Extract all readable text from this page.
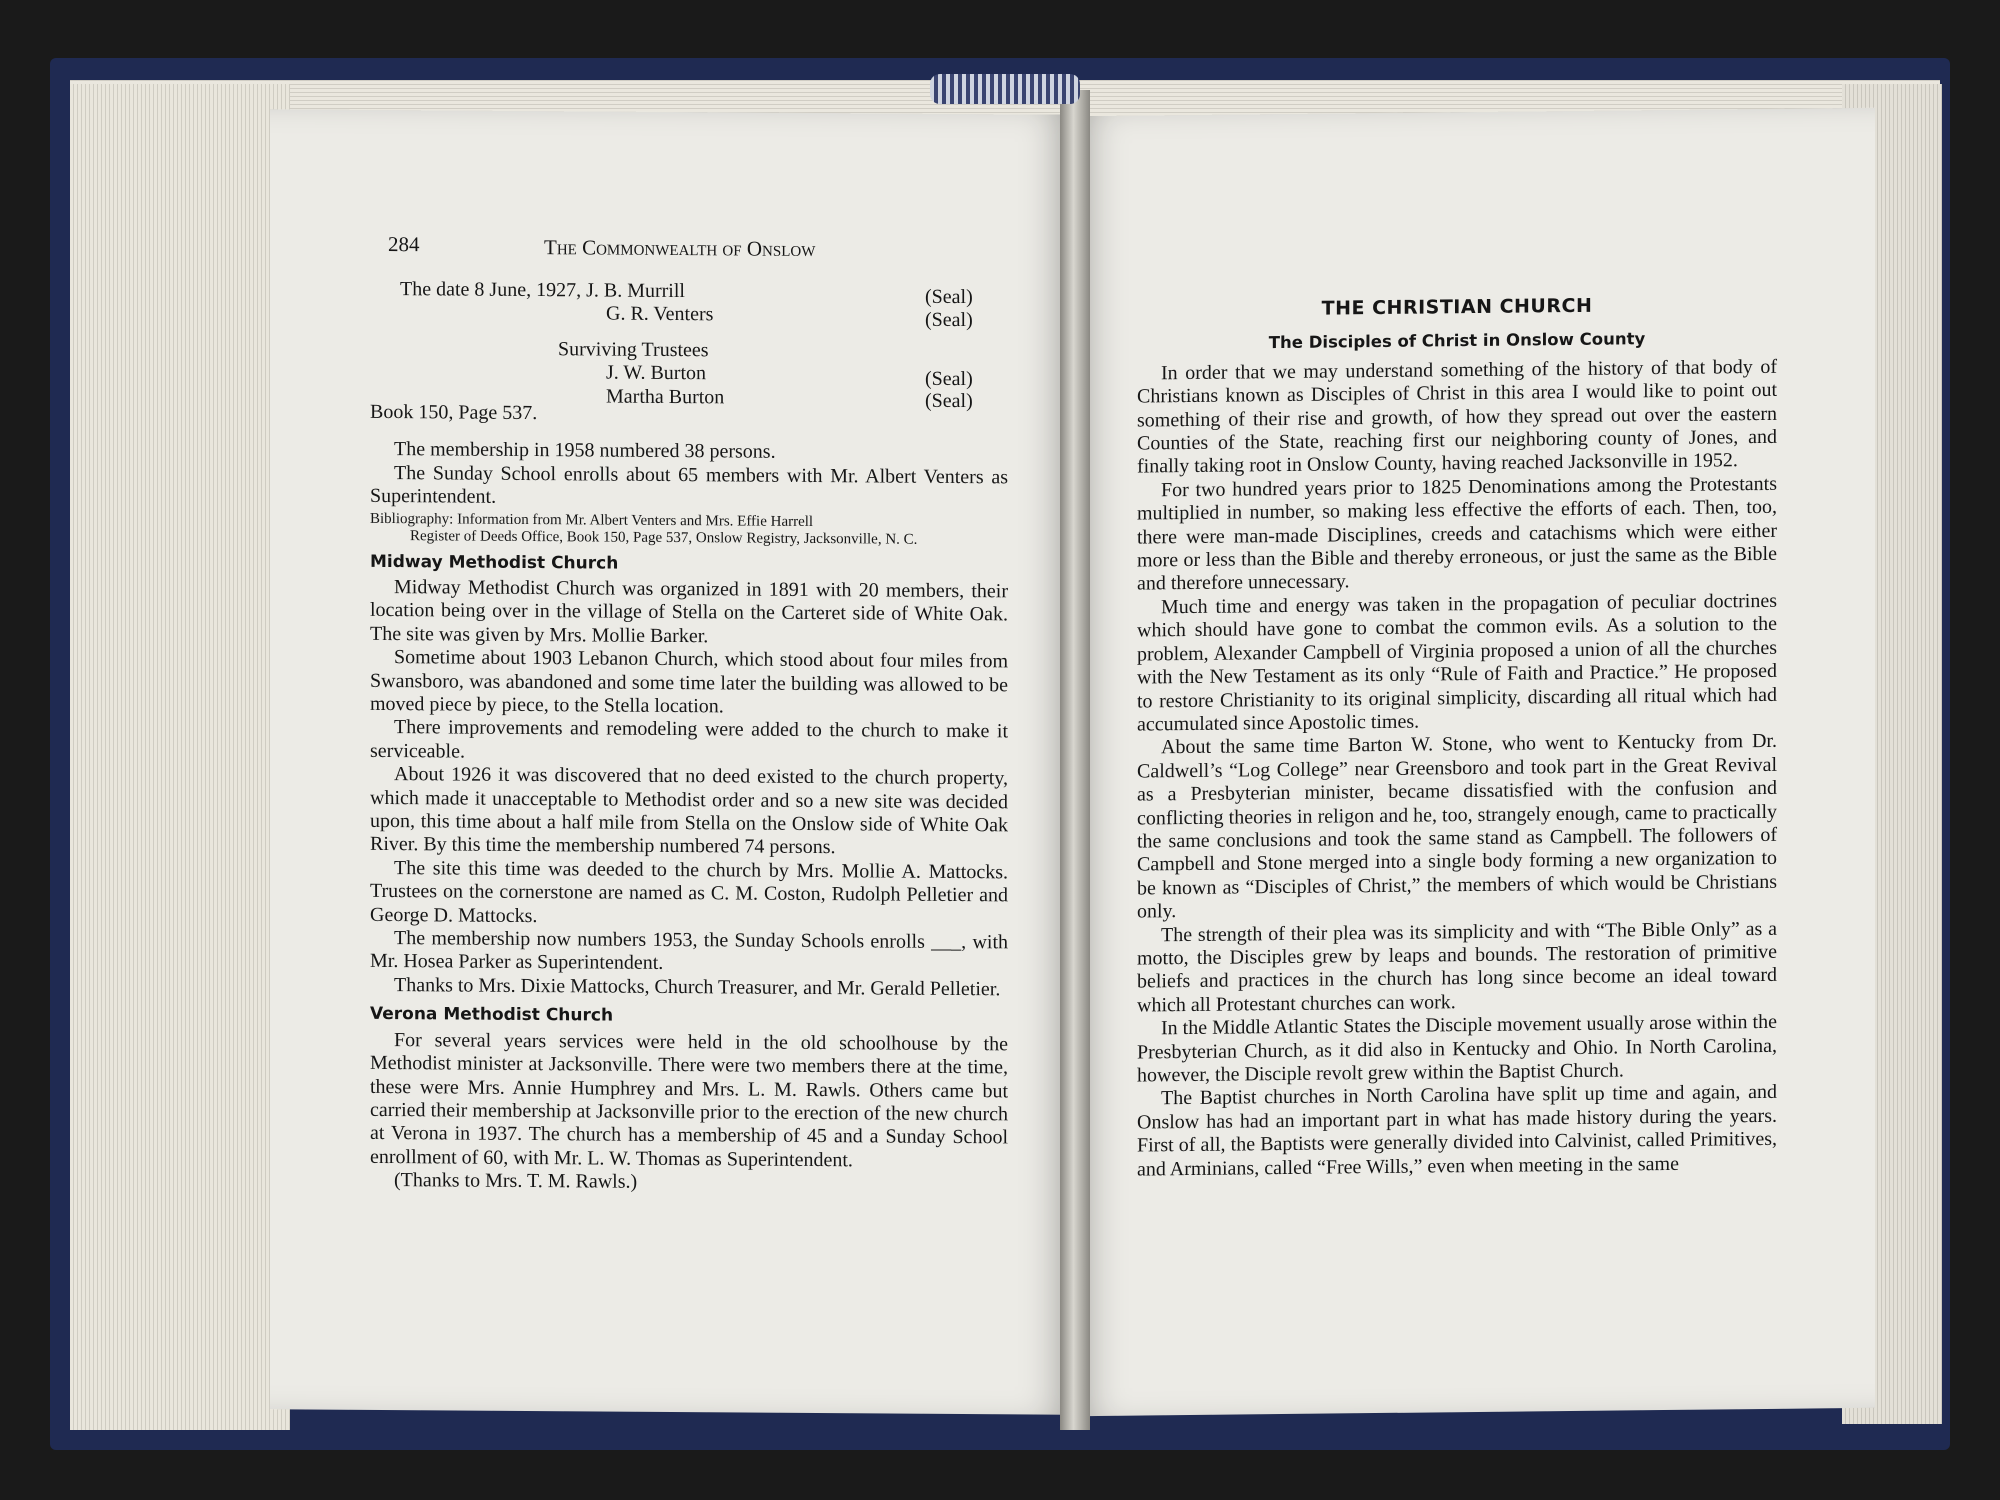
284	The Commonwealth of Onslow
The date 8 June, 1927, J. B. Murrill	(Seal)
G. R. Venters	(Seal)
Surviving Trustees
J. W. Burton	(Seal)
Martha Burton	(Seal)
Book 150, Page 537.

The membership in 1958 numbered 38 persons.

The Sunday School enrolls about 65 members with Mr. Albert Venters as Superintendent.

Bibliography: Information from Mr. Albert Venters and Mrs. Effie Harrell
Register of Deeds Office, Book 150, Page 537, Onslow Registry, Jacksonville, N. C.
Midway Methodist Church

Midway Methodist Church was organized in 1891 with 20 members, their location being over in the village of Stella on the Carteret side of White Oak. The site was given by Mrs. Mollie Barker.

Sometime about 1903 Lebanon Church, which stood about four miles from Swansboro, was abandoned and some time later the building was allowed to be moved piece by piece, to the Stella location.

There improvements and remodeling were added to the church to make it serviceable.

About 1926 it was discovered that no deed existed to the church property, which made it unacceptable to Methodist order and so a new site was decided upon, this time about a half mile from Stella on the Onslow side of White Oak River. By this time the membership numbered 74 persons.

The site this time was deeded to the church by Mrs. Mollie A. Mattocks. Trustees on the cornerstone are named as C. M. Coston, Rudolph Pelletier and George D. Mattocks.

The membership now numbers 1953, the Sunday Schools enrolls ___, with Mr. Hosea Parker as Superintendent.

Thanks to Mrs. Dixie Mattocks, Church Treasurer, and Mr. Gerald Pelletier.

Verona Methodist Church

For several years services were held in the old schoolhouse by the Methodist minister at Jacksonville. There were two members there at the time, these were Mrs. Annie Humphrey and Mrs. L. M. Rawls. Others came but carried their membership at Jacksonville prior to the erection of the new church at Verona in 1937. The church has a membership of 45 and a Sunday School enrollment of 60, with Mr. L. W. Thomas as Superintendent.

(Thanks to Mrs. T. M. Rawls.)

THE CHRISTIAN CHURCH
The Disciples of Christ in Onslow County

In order that we may understand something of the history of that body of Christians known as Disciples of Christ in this area I would like to point out something of their rise and growth, of how they spread out over the eastern Counties of the State, reaching first our neighboring county of Jones, and finally taking root in Onslow County, having reached Jacksonville in 1952.

For two hundred years prior to 1825 Denominations among the Protestants multiplied in number, so making less effective the efforts of each. Then, too, there were man-made Disciplines, creeds and catachisms which were either more or less than the Bible and thereby erroneous, or just the same as the Bible and therefore unnecessary.

Much time and energy was taken in the propagation of peculiar doctrines which should have gone to combat the common evils. As a solution to the problem, Alexander Campbell of Virginia proposed a union of all the churches with the New Testament as its only “Rule of Faith and Practice.” He proposed to restore Christianity to its original simplicity, discarding all ritual which had accumulated since Apostolic times.

About the same time Barton W. Stone, who went to Kentucky from Dr. Caldwell’s “Log College” near Greensboro and took part in the Great Revival as a Presbyterian minister, became dissatisfied with the confusion and conflicting theories in religon and he, too, strangely enough, came to practically the same conclusions and took the same stand as Campbell. The followers of Campbell and Stone merged into a single body forming a new organization to be known as “Disciples of Christ,” the members of which would be Christians only.

The strength of their plea was its simplicity and with “The Bible Only” as a motto, the Disciples grew by leaps and bounds. The restoration of primitive beliefs and practices in the church has long since become an ideal toward which all Protestant churches can work.

In the Middle Atlantic States the Disciple movement usually arose within the Presbyterian Church, as it did also in Kentucky and Ohio. In North Carolina, however, the Disciple revolt grew within the Baptist Church.

The Baptist churches in North Carolina have split up time and again, and Onslow has had an important part in what has made history during the years. First of all, the Baptists were generally divided into Calvinist, called Primitives, and Arminians, called “Free Wills,” even when meeting in the same
